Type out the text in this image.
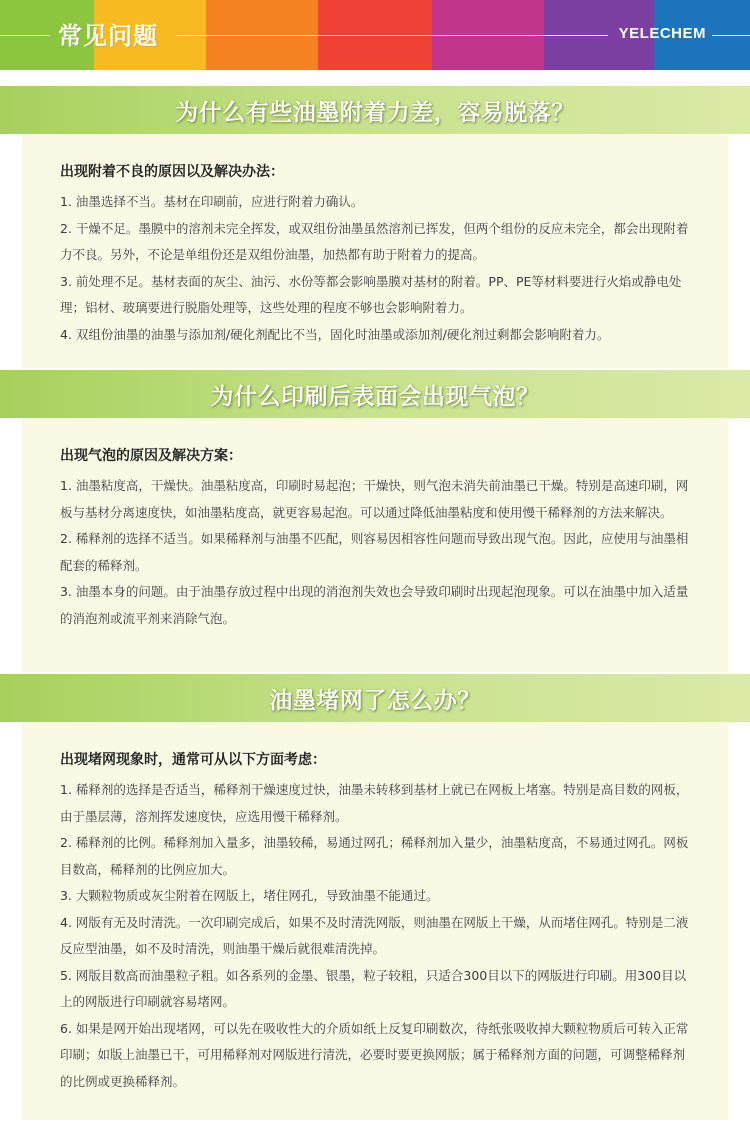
常见问题	YELECHEM
为什么有些油墨附着力差，容易脱落？
出现附着不良的原因以及解决办法：
1. 油墨选择不当。基材在印刷前，应进行附着力确认。
2. 干燥不足。墨膜中的溶剂未完全挥发，或双组份油墨虽然溶剂已挥发，但两个组份的反应未完全，都会出现附着力不良。另外，不论是单组份还是双组份油墨，加热都有助于附着力的提高。
3. 前处理不足。基材表面的灰尘、油污、水份等都会影响墨膜对基材的附着。PP、PE等材料要进行火焰或静电处理；铝材、玻璃要进行脱脂处理等，这些处理的程度不够也会影响附着力。
4. 双组份油墨的油墨与添加剂/硬化剂配比不当，固化时油墨或添加剂/硬化剂过剩都会影响附着力。
为什么印刷后表面会出现气泡？
出现气泡的原因及解决方案：
1. 油墨粘度高，干燥快。油墨粘度高，印刷时易起泡；干燥快，则气泡未消失前油墨已干燥。特别是高速印刷，网板与基材分离速度快，如油墨粘度高，就更容易起泡。可以通过降低油墨粘度和使用慢干稀释剂的方法来解决。
2. 稀释剂的选择不适当。如果稀释剂与油墨不匹配，则容易因相容性问题而导致出现气泡。因此，应使用与油墨相配套的稀释剂。
3. 油墨本身的问题。由于油墨存放过程中出现的消泡剂失效也会导致印刷时出现起泡现象。可以在油墨中加入适量的消泡剂或流平剂来消除气泡。
油墨堵网了怎么办？
出现堵网现象时，通常可从以下方面考虑：
1. 稀释剂的选择是否适当，稀释剂干燥速度过快，油墨未转移到基材上就已在网板上堵塞。特别是高目数的网板，由于墨层薄，溶剂挥发速度快，应选用慢干稀释剂。
2. 稀释剂的比例。稀释剂加入量多，油墨较稀，易通过网孔；稀释剂加入量少，油墨粘度高，不易通过网孔。网板目数高，稀释剂的比例应加大。
3. 大颗粒物质或灰尘附着在网版上，堵住网孔，导致油墨不能通过。
4. 网版有无及时清洗。一次印刷完成后，如果不及时清洗网版，则油墨在网版上干燥，从而堵住网孔。特别是二液反应型油墨，如不及时清洗，则油墨干燥后就很难清洗掉。
5. 网版目数高而油墨粒子粗。如各系列的金墨、银墨，粒子较粗，只适合300目以下的网版进行印刷。用300目以上的网版进行印刷就容易堵网。
6. 如果是网开始出现堵网，可以先在吸收性大的介质如纸上反复印刷数次，待纸张吸收掉大颗粒物质后可转入正常印刷；如版上油墨已干，可用稀释剂对网版进行清洗，必要时要更换网版；属于稀释剂方面的问题，可调整稀释剂的比例或更换稀释剂。
